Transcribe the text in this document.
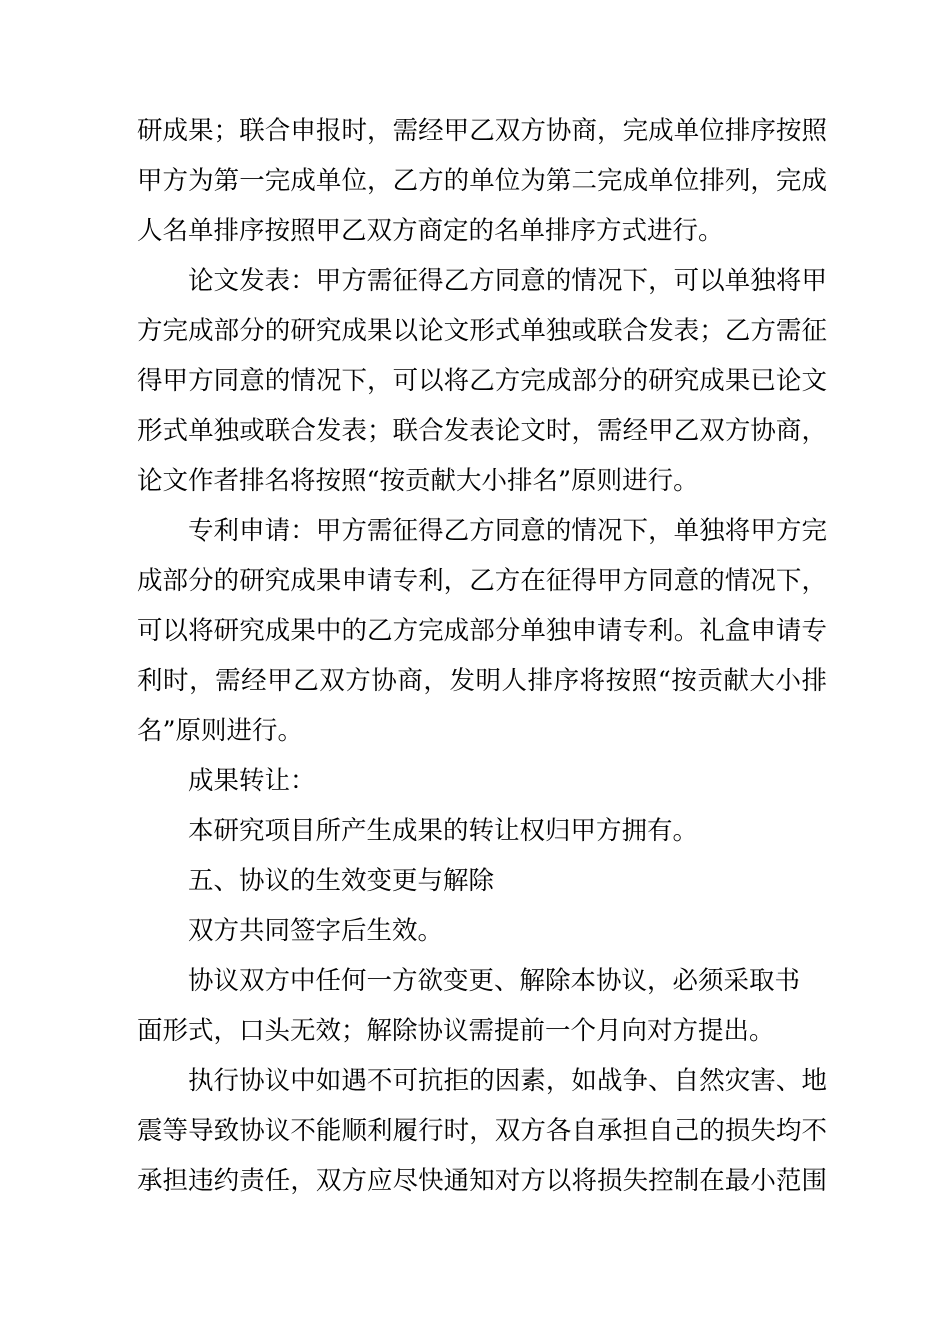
研成果；联合申报时，需经甲乙双方协商，完成单位排序按照
甲方为第一完成单位，乙方的单位为第二完成单位排列，完成
人名单排序按照甲乙双方商定的名单排序方式进行。
论文发表：甲方需征得乙方同意的情况下，可以单独将甲
方完成部分的研究成果以论文形式单独或联合发表；乙方需征
得甲方同意的情况下，可以将乙方完成部分的研究成果已论文
形式单独或联合发表；联合发表论文时，需经甲乙双方协商，
论文作者排名将按照“按贡献大小排名”原则进行。
专利申请：甲方需征得乙方同意的情况下，单独将甲方完
成部分的研究成果申请专利，乙方在征得甲方同意的情况下，
可以将研究成果中的乙方完成部分单独申请专利。礼盒申请专
利时，需经甲乙双方协商，发明人排序将按照“按贡献大小排
名”原则进行。
成果转让：
本研究项目所产生成果的转让权归甲方拥有。
五、协议的生效变更与解除
双方共同签字后生效。
协议双方中任何一方欲变更、解除本协议，必须采取书
面形式，口头无效；解除协议需提前一个月向对方提出。
执行协议中如遇不可抗拒的因素，如战争、自然灾害、地
震等导致协议不能顺利履行时，双方各自承担自己的损失均不
承担违约责任，双方应尽快通知对方以将损失控制在最小范围
